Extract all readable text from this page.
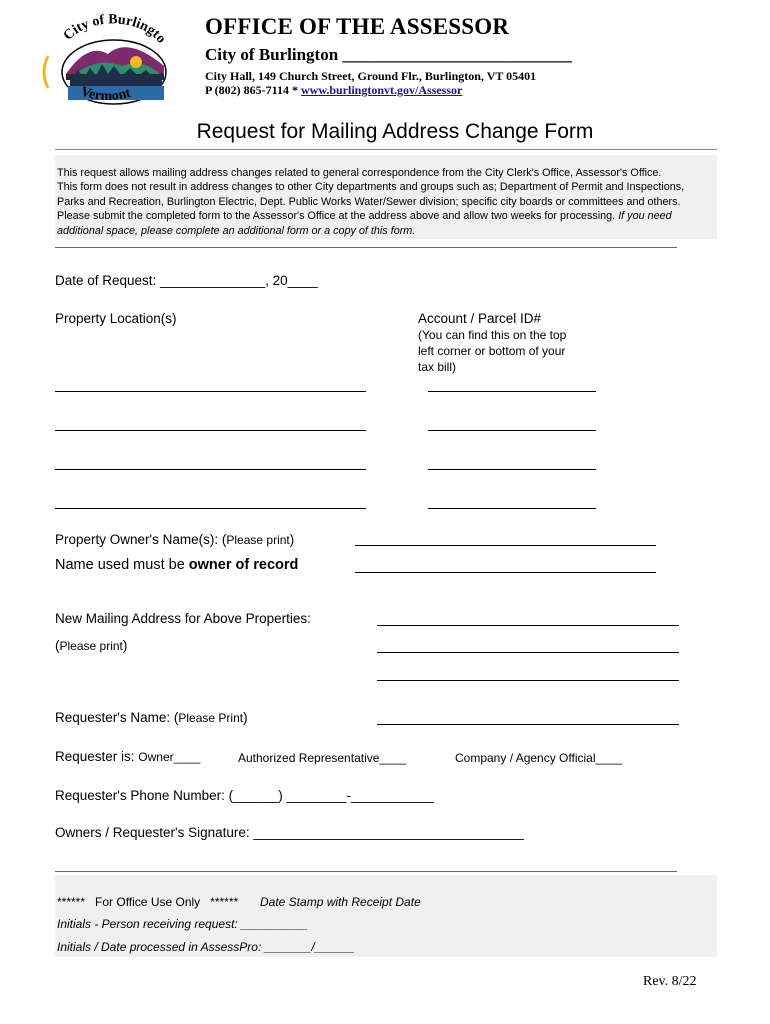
City of Burlingto
Vermont
OFFICE OF THE ASSESSOR
City of Burlington ___________________________
City Hall, 149 Church Street, Ground Flr., Burlington, VT 05401
P (802) 865-7114 * www.burlingtonvt.gov/Assessor
Request for Mailing Address Change Form
This request allows mailing address changes related to general correspondence from the City Clerk's Office, Assessor's Office.
This form does not result in address changes to other City departments and groups such as; Department of Permit and Inspections,
Parks and Recreation, Burlington Electric, Dept. Public Works Water/Sewer division; specific city boards or committees and others.
Please submit the completed form to the Assessor's Office at the address above and allow two weeks for processing. If you need
additional space, please complete an additional form or a copy of this form.
Date of Request: ______________, 20____
Property Location(s)	Account / Parcel ID#
(You can find this on the top
left corner or bottom of your
tax bill)
Property Owner's Name(s): (Please print)
Name used must be owner of record
New Mailing Address for Above Properties:
(Please print)
Requester's Name: (Please Print)
Requester is: Owner____	Authorized Representative____	Company / Agency Official____
Requester's Phone Number: (______) ________-___________
Owners / Requester's Signature: ____________________________________
******   For Office Use Only   ****** Date Stamp with Receipt Date
Initials - Person receiving request: __________
Initials / Date processed in AssessPro: _______/______
Rev. 8/22
